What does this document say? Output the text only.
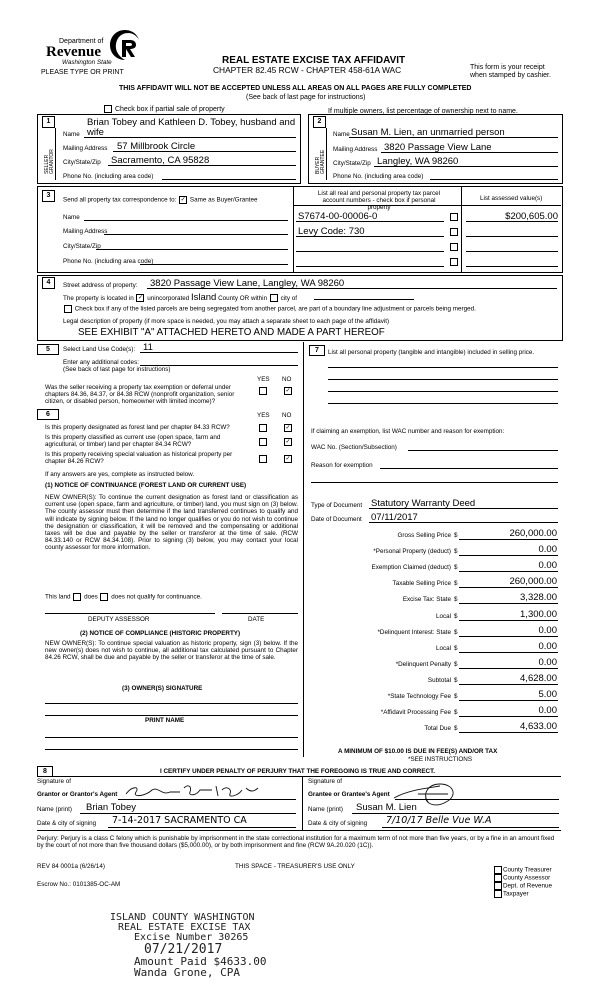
Department of
Revenue
Washington State
PLEASE TYPE OR PRINT
REAL ESTATE EXCISE TAX AFFIDAVIT
CHAPTER 82.45 RCW - CHAPTER 458-61A WAC	This form is your receipt
when stamped by cashier.
THIS AFFIDAVIT WILL NOT BE ACCEPTED UNLESS ALL AREAS ON ALL PAGES ARE FULLY COMPLETED
(See back of last page for instructions)
Check box if partial sale of property	If multiple owners, list percentage of ownership next to name.
1	2
SELLER GRANTOR	BUYER GRANTEE
Brian Tobey and Kathleen D. Tobey, husband and
Name wife
Mailing Address 57 Millbrook Circle
City/State/Zip Sacramento, CA 95828
Phone No. (including area code)
Name Susan M. Lien, an unmarried person
Mailing Address 3820 Passage View Lane
City/State/Zip Langley, WA 98260
Phone No. (including area code)
3
Send all property tax correspondence to: ✓ Same as Buyer/Grantee
List all real and personal property tax parcel
account numbers - check box if personal property
List assessed value(s)
Name
Mailing Address
City/State/Zip
Phone No. (including area code)
S7674-00-00006-0	$200,605.00
Levy Code: 730
4	Street address of property: 3820 Passage View Lane, Langley, WA 98260
The property is located in ✓ unincorporated Island County OR within city of
Check box if any of the listed parcels are being segregated from another parcel, are part of a boundary line adjustment or parcels being merged.
Legal description of property (if more space is needed, you may attach a separate sheet to each page of the affidavit)
SEE EXHIBIT "A" ATTACHED HERETO AND MADE A PART HEREOF
5	Select Land Use Code(s): 11
Enter any additional codes:
(See back of last page for instructions)
YES NO
Was the seller receiving a property tax exemption or deferral under chapters 84.36, 84.37, or 84.38 RCW (nonprofit organization, senior citizen, or disabled person, homeowner with limited income)?
✓
6	YES NO
Is this property designated as forest land per chapter 84.33 RCW?	✓
Is this property classified as current use (open space, farm and agricultural, or timber) land per chapter 84.34 RCW?	✓
Is this property receiving special valuation as historical property per chapter 84.26 RCW?	✓
If any answers are yes, complete as instructed below.
(1) NOTICE OF CONTINUANCE (FOREST LAND OR CURRENT USE)
NEW OWNER(S): To continue the current designation as forest land or classification as current use (open space, farm and agriculture, or timber) land, you must sign on (3) below. The county assessor must then determine if the land transferred continues to qualify and will indicate by signing below. If the land no longer qualifies or you do not wish to continue the designation or classification, it will be removed and the compensating or additional taxes will be due and payable by the seller or transferor at the time of sale. (RCW 84.33.140 or RCW 84.34.108). Prior to signing (3) below, you may contact your local county assessor for more information.
This land does does not qualify for continuance.
DEPUTY ASSESSOR	DATE
(2) NOTICE OF COMPLIANCE (HISTORIC PROPERTY)
NEW OWNER(S): To continue special valuation as historic property, sign (3) below. If the new owner(s) does not wish to continue, all additional tax calculated pursuant to Chapter 84.26 RCW, shall be due and payable by the seller or transferor at the time of sale.
(3) OWNER(S) SIGNATURE
PRINT NAME
7	List all personal property (tangible and intangible) included in selling price.
If claiming an exemption, list WAC number and reason for exemption:
WAC No. (Section/Subsection)
Reason for exemption
Type of Document Statutory Warranty Deed
Date of Document 07/11/2017
Gross Selling Price $	260,000.00
*Personal Property (deduct) $	0.00
Exemption Claimed (deduct) $	0.00
Taxable Selling Price $	260,000.00
Excise Tax: State $	3,328.00
Local $	1,300.00
*Delinquent Interest: State $	0.00
Local $	0.00
*Delinquent Penalty $	0.00
Subtotal $	4,628.00
*State Technology Fee $	5.00
*Affidavit Processing Fee $	0.00
Total Due $	4,633.00
A MINIMUM OF $10.00 IS DUE IN FEE(S) AND/OR TAX
*SEE INSTRUCTIONS
8	I CERTIFY UNDER PENALTY OF PERJURY THAT THE FOREGOING IS TRUE AND CORRECT.
Signature of
Grantor or Grantor's Agent
Name (print) Brian Tobey
Date & city of signing 7-14-2017 SACRAMENTO CA
Signature of
Grantee or Grantee's Agent
Name (print) Susan M. Lien
Date & city of signing 7/10/17 Belle Vue W.A
Perjury: Perjury is a class C felony which is punishable by imprisonment in the state correctional institution for a maximum term of not more than five years, or by a fine in an amount fixed by the court of not more than five thousand dollars ($5,000.00), or by both imprisonment and fine (RCW 9A.20.020 (1C)).
REV 84 0001a (6/26/14)	THIS SPACE - TREASURER'S USE ONLY
Escrow No.: 0101385-OC-AM
County Treasurer
County Assessor
Dept. of Revenue
Taxpayer
ISLAND COUNTY WASHINGTON
REAL ESTATE EXCISE TAX
Excise Number 30265
07/21/2017
Amount Paid $4633.00
Wanda Grone, CPA
